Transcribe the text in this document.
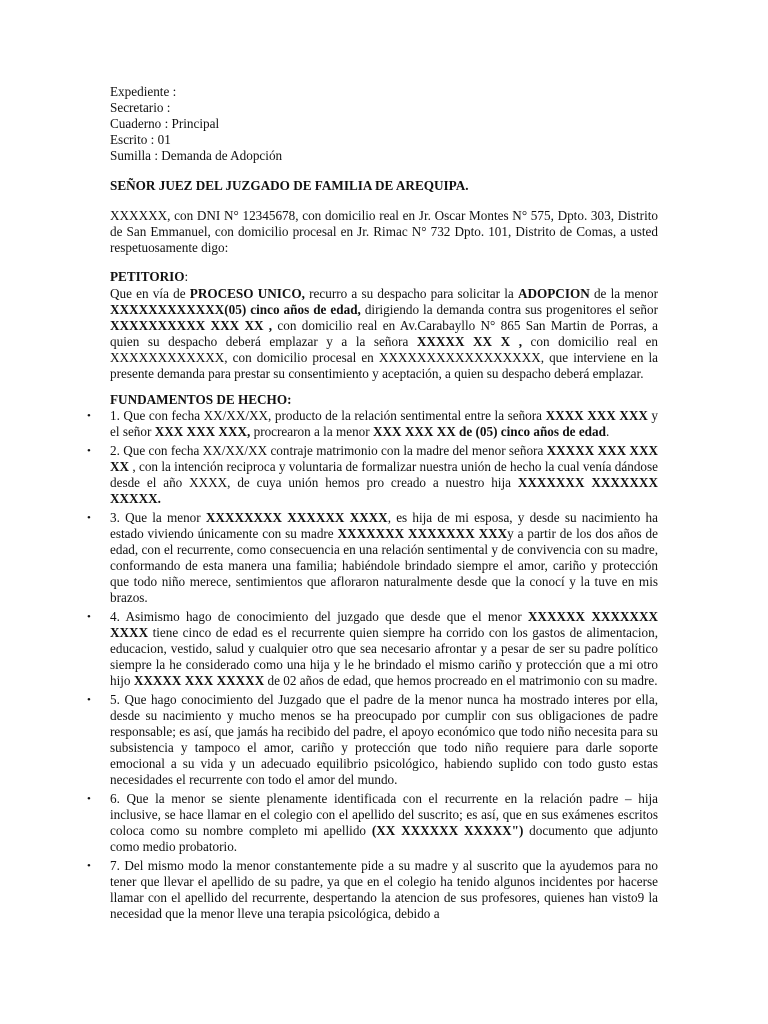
Expediente :
Secretario :
Cuaderno : Principal
Escrito : 01
Sumilla : Demanda de Adopción
SEÑOR JUEZ DEL JUZGADO DE FAMILIA DE AREQUIPA.
XXXXXX, con DNI N° 12345678, con domicilio real en Jr. Oscar Montes N° 575, Dpto. 303, Distrito de San Emmanuel, con domicilio procesal en Jr. Rimac N° 732 Dpto. 101, Distrito de Comas, a usted respetuosamente digo:
PETITORIO:
Que en vía de PROCESO UNICO, recurro a su despacho para solicitar la ADOPCION de la menor XXXXXXXXXXXX(05) cinco años de edad, dirigiendo la demanda contra sus progenitores el señor XXXXXXXXXX XXX XX , con domicilio real en Av.Carabayllo N° 865 San Martin de Porras, a quien su despacho deberá emplazar y a la señora XXXXX XX X , con domicilio real en XXXXXXXXXXXX, con domicilio procesal en XXXXXXXXXXXXXXXXX, que interviene en la presente demanda para prestar su consentimiento y aceptación, a quien su despacho deberá emplazar.
FUNDAMENTOS DE HECHO:
• 1. Que con fecha XX/XX/XX, producto de la relación sentimental entre la señora XXXX XXX XXX y el señor XXX XXX XXX, procrearon a la menor XXX XXX XX de (05) cinco años de edad.
• 2. Que con fecha XX/XX/XX contraje matrimonio con la madre del menor señora XXXXX XXX XXX XX , con la intención reciproca y voluntaria de formalizar nuestra unión de hecho la cual venía dándose desde el año XXXX, de cuya unión hemos pro creado a nuestro hija XXXXXXX XXXXXXX XXXXX.
• 3. Que la menor XXXXXXXX XXXXXX XXXX, es hija de mi esposa, y desde su nacimiento ha estado viviendo únicamente con su madre XXXXXXX XXXXXXX XXXy a partir de los dos años de edad, con el recurrente, como consecuencia en una relación sentimental y de convivencia con su madre, conformando de esta manera una familia; habiéndole brindado siempre el amor, cariño y protección que todo niño merece, sentimientos que afloraron naturalmente desde que la conocí y la tuve en mis brazos.
• 4. Asimismo hago de conocimiento del juzgado que desde que el menor XXXXXX XXXXXXX XXXX tiene cinco de edad es el recurrente quien siempre ha corrido con los gastos de alimentacion, educacion, vestido, salud y cualquier otro que sea necesario afrontar y a pesar de ser su padre político siempre la he considerado como una hija y le he brindado el mismo cariño y protección que a mi otro hijo XXXXX XXX XXXXX de 02 años de edad, que hemos procreado en el matrimonio con su madre.
• 5. Que hago conocimiento del Juzgado que el padre de la menor nunca ha mostrado interes por ella, desde su nacimiento y mucho menos se ha preocupado por cumplir con sus obligaciones de padre responsable; es así, que jamás ha recibido del padre, el apoyo económico que todo niño necesita para su subsistencia y tampoco el amor, cariño y protección que todo niño requiere para darle soporte emocional a su vida y un adecuado equilibrio psicológico, habiendo suplido con todo gusto estas necesidades el recurrente con todo el amor del mundo.
• 6. Que la menor se siente plenamente identificada con el recurrente en la relación padre – hija inclusive, se hace llamar en el colegio con el apellido del suscrito; es así, que en sus exámenes escritos coloca como su nombre completo mi apellido (XX XXXXXX XXXXX") documento que adjunto como medio probatorio.
• 7. Del mismo modo la menor constantemente pide a su madre y al suscrito que la ayudemos para no tener que llevar el apellido de su padre, ya que en el colegio ha tenido algunos incidentes por hacerse llamar con el apellido del recurrente, despertando la atencion de sus profesores, quienes han visto9 la necesidad que la menor lleve una terapia psicológica, debido a
